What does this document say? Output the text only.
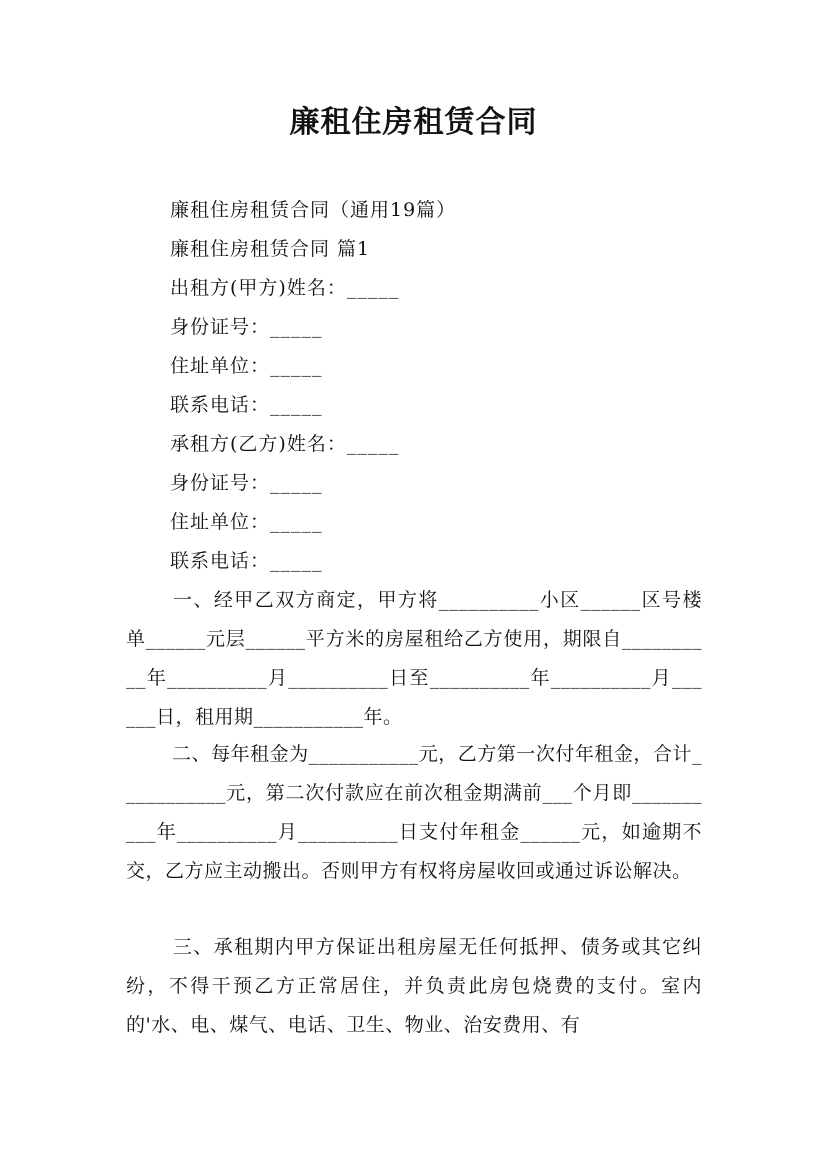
廉租住房租赁合同
廉租住房租赁合同（通用19篇）
廉租住房租赁合同 篇1
出租方(甲方)姓名：_____
身份证号：_____
住址单位：_____
联系电话：_____
承租方(乙方)姓名：_____
身份证号：_____
住址单位：_____
联系电话：_____
一、经甲乙双方商定，甲方将__________小区______区号楼单______元层______平方米的房屋租给乙方使用，期限自__________年__________月__________日至__________年__________月______日，租用期___________年。
二、每年租金为___________元，乙方第一次付年租金，合计___________元，第二次付款应在前次租金期满前___个月即__________年__________月__________日支付年租金______元，如逾期不交，乙方应主动搬出。否则甲方有权将房屋收回或通过诉讼解决。
三、承租期内甲方保证出租房屋无任何抵押、债务或其它纠纷，不得干预乙方正常居住，并负责此房包烧费的支付。室内的'水、电、煤气、电话、卫生、物业、治安费用、有
